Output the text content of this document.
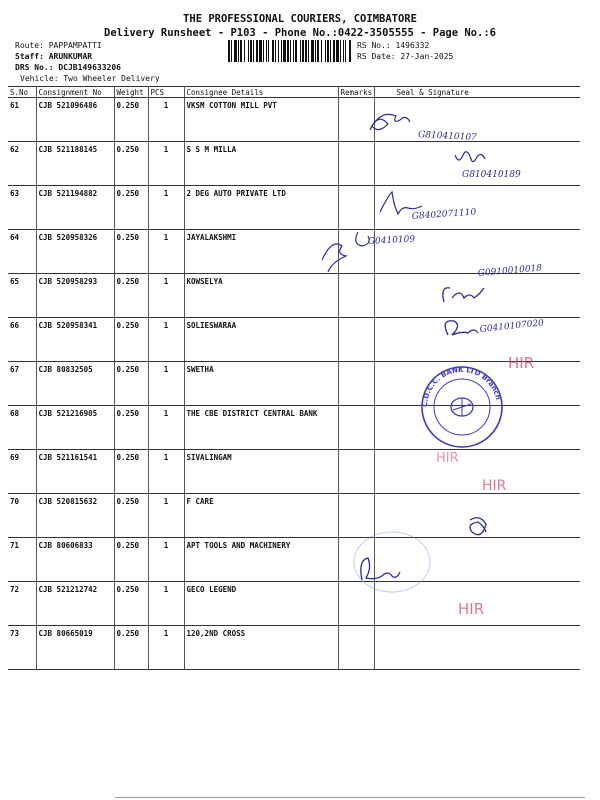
THE PROFESSIONAL COURIERS, COIMBATORE
Delivery Runsheet - P103 - Phone No.:0422-3505555 - Page No.:6
Route: PAPPAMPATTI
Staff: ARUNKUMAR
DRS No.: DCJB149633206
Vehicle: Two Wheeler Delivery
RS No.: 1496332
RS Date: 27-Jan-2025
S.No	Consignment No	Weight	PCS	Consignee Details	Remarks	Seal & Signature
61	CJB 521096486	0.250	1	VKSM COTTON MILL PVT		
62	CJB 521188145	0.250	1	S S M MILLA		
63	CJB 521194882	0.250	1	2 DEG AUTO PRIVATE LTD		
64	CJB 520958326	0.250	1	JAYALAKSHMI		
65	CJB 520958293	0.250	1	KOWSELYA		
66	CJB 520958341	0.250	1	SOLIESWARAA		
67	CJB 80832505	0.250	1	SWETHA		
68	CJB 521216905	0.250	1	THE CBE DISTRICT CENTRAL BANK		
69	CJB 521161541	0.250	1	SIVALINGAM		
70	CJB 520815632	0.250	1	F CARE		
71	CJB 80606833	0.250	1	APT TOOLS AND MACHINERY		
72	CJB 521212742	0.250	1	GECO LEGEND		
73	CJB 80665019	0.250	1	120,2ND CROSS		
G810410107
G810410189
G8402071110
G0410109
G0910010018
G0410107020
HIR
HIR
HIR
HIR
C.D.C.C. BANK LTD Branch
